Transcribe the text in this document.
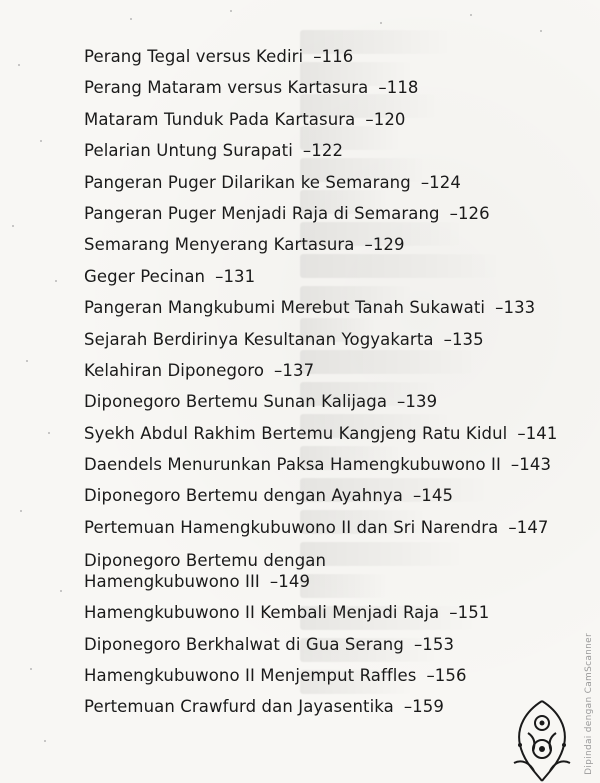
Perang Tegal versus Kediri –116
Perang Mataram versus Kartasura –118
Mataram Tunduk Pada Kartasura –120
Pelarian Untung Surapati –122
Pangeran Puger Dilarikan ke Semarang –124
Pangeran Puger Menjadi Raja di Semarang –126
Semarang Menyerang Kartasura –129
Geger Pecinan –131
Pangeran Mangkubumi Merebut Tanah Sukawati –133
Sejarah Berdirinya Kesultanan Yogyakarta –135
Kelahiran Diponegoro –137
Diponegoro Bertemu Sunan Kalijaga –139
Syekh Abdul Rakhim Bertemu Kangjeng Ratu Kidul –141
Daendels Menurunkan Paksa Hamengkubuwono II –143
Diponegoro Bertemu dengan Ayahnya –145
Pertemuan Hamengkubuwono II dan Sri Narendra –147
Diponegoro Bertemu dengan Hamengkubuwono III –149
Hamengkubuwono II Kembali Menjadi Raja –151
Diponegoro Berkhalwat di Gua Serang –153
Hamengkubuwono II Menjemput Raffles –156
Pertemuan Crawfurd dan Jayasentika –159	Dipindai dengan CamScanner
